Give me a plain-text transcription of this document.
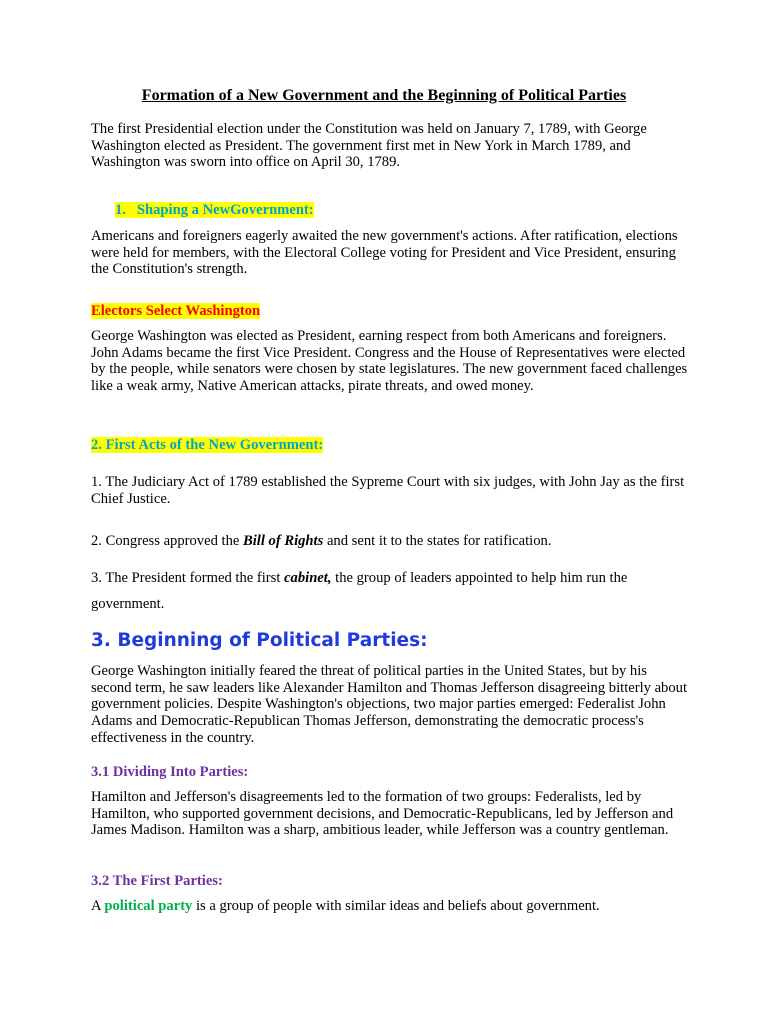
Formation of a New Government and the Beginning of Political Parties

The first Presidential election under the Constitution was held on January 7, 1789, with George Washington elected as President. The government first met in New York in March 1789, and Washington was sworn into office on April 30, 1789.

1. Shaping a NewGovernment:

Americans and foreigners eagerly awaited the new government's actions. After ratification, elections were held for members, with the Electoral College voting for President and Vice President, ensuring the Constitution's strength.

Electors Select Washington

George Washington was elected as President, earning respect from both Americans and foreigners. John Adams became the first Vice President. Congress and the House of Representatives were elected by the people, while senators were chosen by state legislatures. The new government faced challenges like a weak army, Native American attacks, pirate threats, and owed money.

2. First Acts of the New Government:

1. The Judiciary Act of 1789 established the Sypreme Court with six judges, with John Jay as the first Chief Justice.

2. Congress approved the Bill of Rights and sent it to the states for ratification.

3. The President formed the first cabinet, the group of leaders appointed to help him run the

government.

3. Beginning of Political Parties:

George Washington initially feared the threat of political parties in the United States, but by his second term, he saw leaders like Alexander Hamilton and Thomas Jefferson disagreeing bitterly about government policies. Despite Washington's objections, two major parties emerged: Federalist John Adams and Democratic-Republican Thomas Jefferson, demonstrating the democratic process's effectiveness in the country.

3.1 Dividing Into Parties:

Hamilton and Jefferson's disagreements led to the formation of two groups: Federalists, led by Hamilton, who supported government decisions, and Democratic-Republicans, led by Jefferson and James Madison. Hamilton was a sharp, ambitious leader, while Jefferson was a country gentleman.

3.2 The First Parties:

A political party is a group of people with similar ideas and beliefs about government.
